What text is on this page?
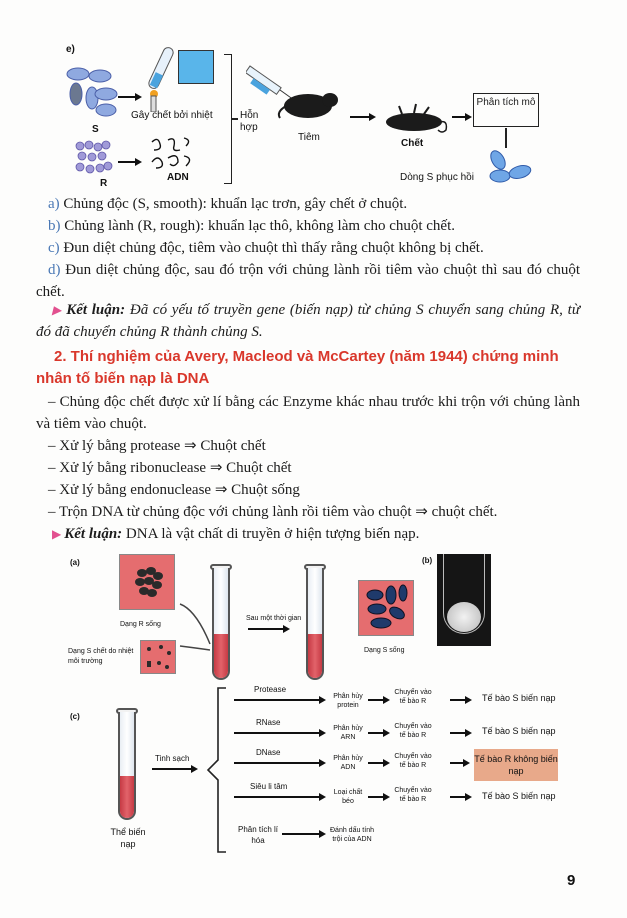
e)
S
Gây chết bởi nhiệt
R
ADN
Hỗn hợp
Tiêm
Chết
Phân tích mô
Dòng S phục hồi

a) Chủng độc (S, smooth): khuẩn lạc trơn, gây chết ở chuột.

b) Chủng lành (R, rough): khuẩn lạc thô, không làm cho chuột chết.

c) Đun diệt chủng độc, tiêm vào chuột thì thấy rằng chuột không bị chết.

d) Đun diệt chủng độc, sau đó trộn với chủng lành rồi tiêm vào chuột thì sau đó chuột chết.

▶ Kết luận: Đã có yếu tố truyền gene (biến nạp) từ chủng S chuyển sang chủng R, từ đó đã chuyển chủng R thành chủng S.

2. Thí nghiệm của Avery, Macleod và McCartey (năm 1944) chứng minh nhân tố biến nạp là DNA

– Chủng độc chết được xử lí bằng các Enzyme khác nhau trước khi trộn với chủng lành và tiêm vào chuột.

– Xử lý bằng protease ⇒ Chuột chết

– Xử lý bằng ribonuclease ⇒ Chuột chết

– Xử lý bằng endonuclease ⇒ Chuột sống

– Trộn DNA từ chủng độc với chủng lành rồi tiêm vào chuột ⇒ chuột chết.

▶ Kết luận: DNA là vật chất di truyền ở hiện tượng biến nạp.

(a)
Dạng R sống
Dạng S chết do nhiệt môi trường
Sau một thời gian
Dạng S sống
(b)
(c)
Thể biến nạp
Tinh sạch
Protease
Phân hủy protein
Chuyển vào tế bào R	Tế bào S biến nạp
RNase
Phân hủy ARN
Chuyển vào tế bào R	Tế bào S biến nạp
DNase
Phân hủy ADN
Chuyển vào tế bào R
Tế bào R không biến nạp
Siêu li tâm
Loại chất béo
Chuyển vào tế bào R	Tế bào S biến nạp
Phân tích lí hóa
Đánh dấu tính trội của ADN
9
